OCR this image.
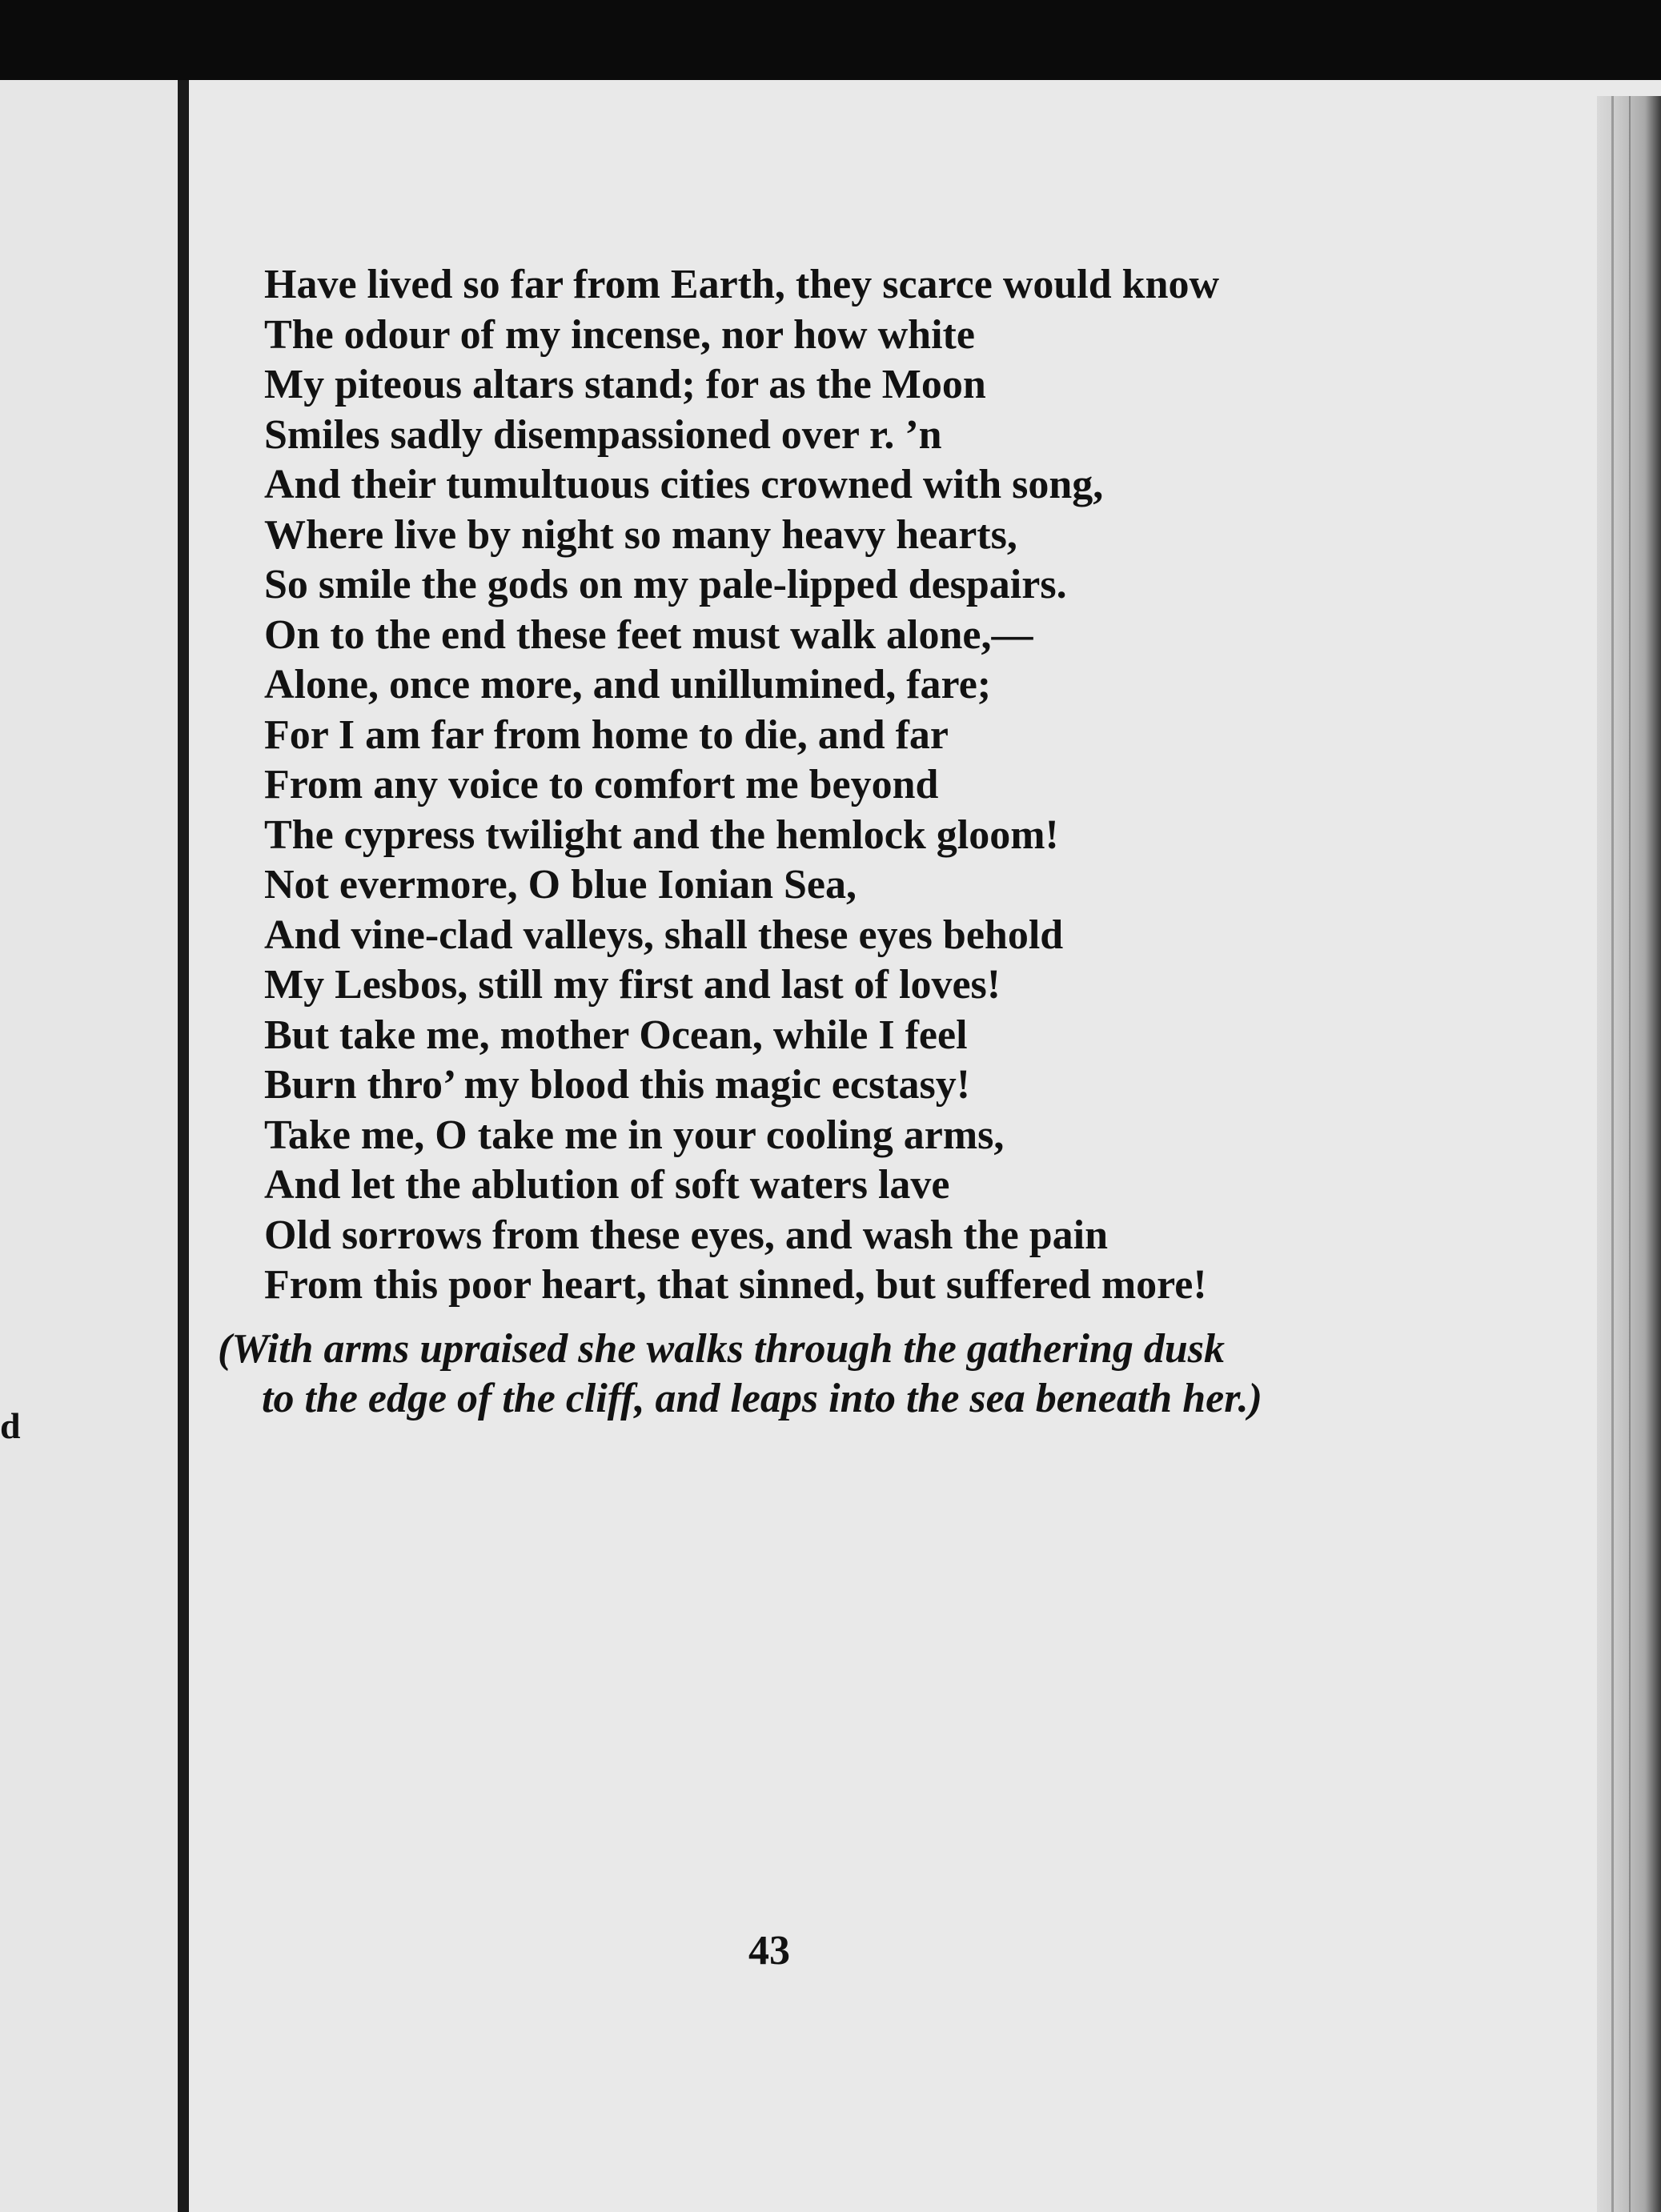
d
Have lived so far from Earth, they scarce would know
The odour of my incense, nor how white
My piteous altars stand; for as the Moon
Smiles sadly disempassioned over r. ʼn
And their tumultuous cities crowned with song,
Where live by night so many heavy hearts,
So smile the gods on my pale-lipped despairs.
On to the end these feet must walk alone,—
Alone, once more, and unillumined, fare;
For I am far from home to die, and far
From any voice to comfort me beyond
The cypress twilight and the hemlock gloom!
Not evermore, O blue Ionian Sea,
And vine-clad valleys, shall these eyes behold
My Lesbos, still my first and last of loves!
But take me, mother Ocean, while I feel
Burn thro’ my blood this magic ecstasy!
Take me, O take me in your cooling arms,
And let the ablution of soft waters lave
Old sorrows from these eyes, and wash the pain
From this poor heart, that sinned, but suffered more!
(With arms upraised she walks through the gathering dusk
to the edge of the cliff, and leaps into the sea beneath her.)
43
